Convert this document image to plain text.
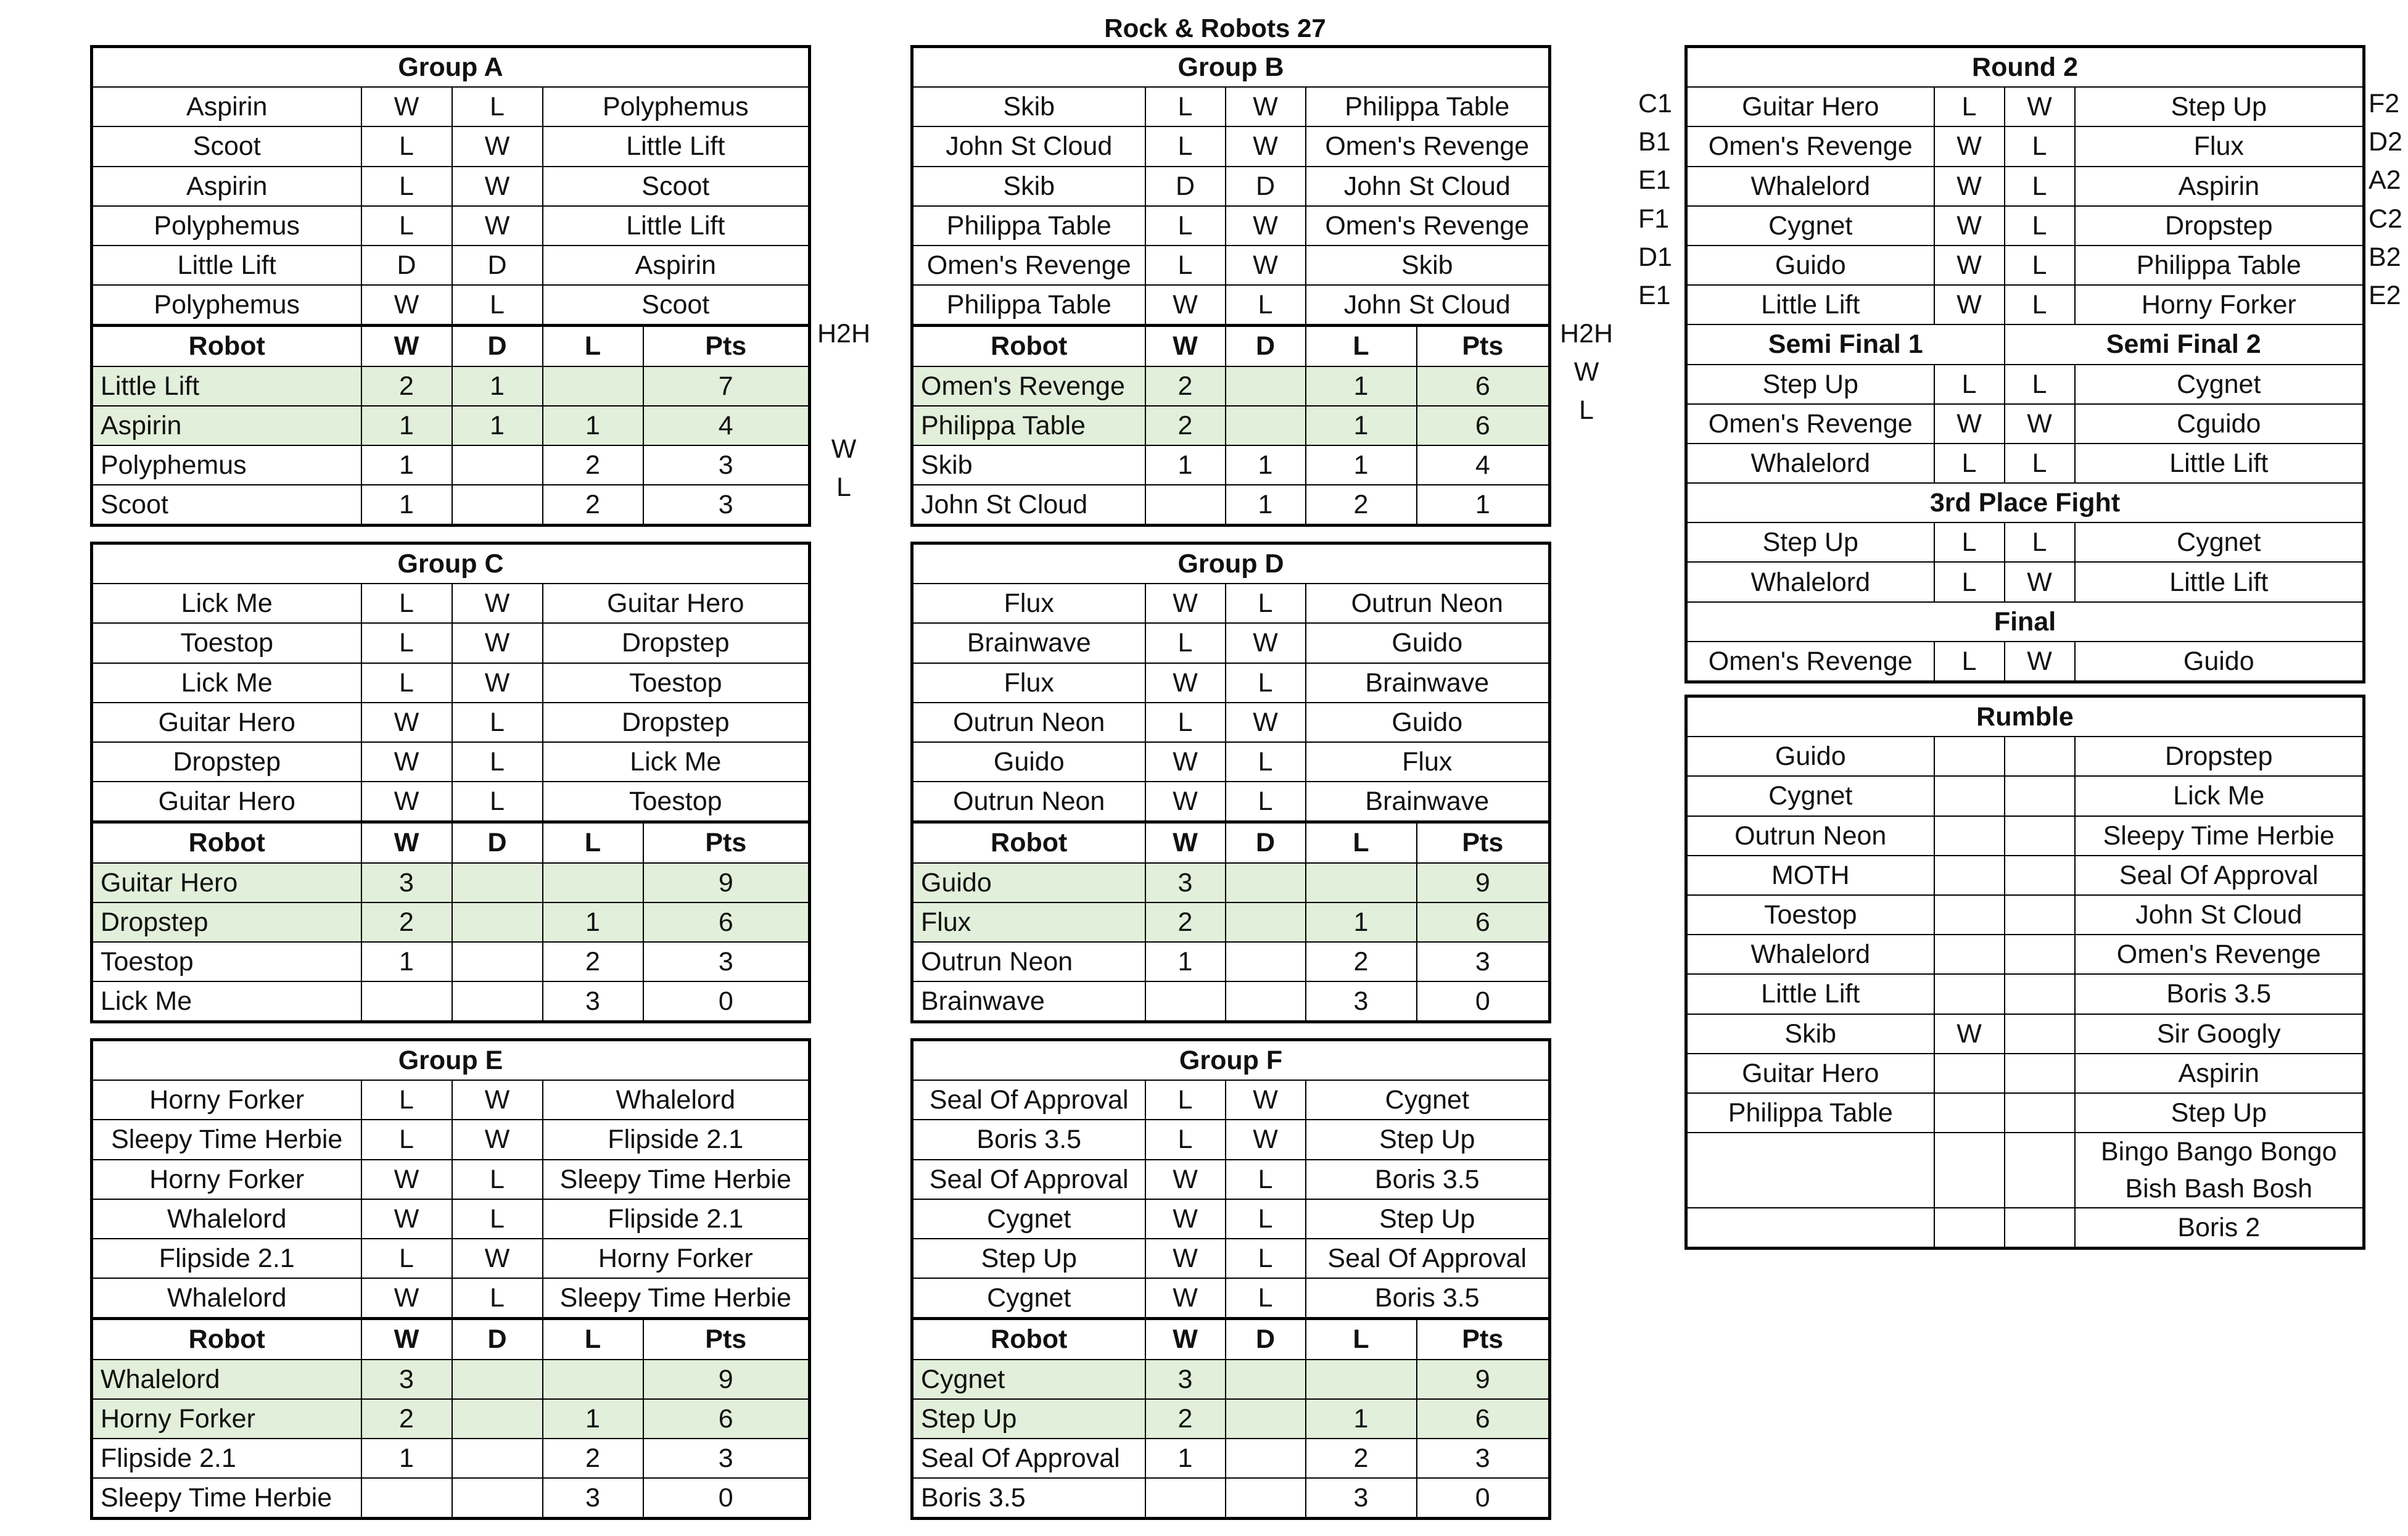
Rock & Robots 27
Group A				
Aspirin	W	L	Polyphemus	
Scoot	L	W	Little Lift	
Aspirin	L	W	Scoot	
Polyphemus	L	W	Little Lift	
Little Lift	D	D	Aspirin	
Polyphemus	W	L	Scoot	
Robot	W	D	L	Pts
Little Lift	2	1		7
Aspirin	1	1	1	4
Polyphemus	1		2	3
Scoot	1		2	3
Group B				
Skib	L	W	Philippa Table	
John St Cloud	L	W	Omen's Revenge	
Skib	D	D	John St Cloud	
Philippa Table	L	W	Omen's Revenge	
Omen's Revenge	L	W	Skib	
Philippa Table	W	L	John St Cloud	
Robot	W	D	L	Pts
Omen's Revenge	2		1	6
Philippa Table	2		1	6
Skib	1	1	1	4
John St Cloud		1	2	1
Group C				
Lick Me	L	W	Guitar Hero	
Toestop	L	W	Dropstep	
Lick Me	L	W	Toestop	
Guitar Hero	W	L	Dropstep	
Dropstep	W	L	Lick Me	
Guitar Hero	W	L	Toestop	
Robot	W	D	L	Pts
Guitar Hero	3			9
Dropstep	2		1	6
Toestop	1		2	3
Lick Me			3	0
Group D				
Flux	W	L	Outrun Neon	
Brainwave	L	W	Guido	
Flux	W	L	Brainwave	
Outrun Neon	L	W	Guido	
Guido	W	L	Flux	
Outrun Neon	W	L	Brainwave	
Robot	W	D	L	Pts
Guido	3			9
Flux	2		1	6
Outrun Neon	1		2	3
Brainwave			3	0
Group E				
Horny Forker	L	W	Whalelord	
Sleepy Time Herbie	L	W	Flipside 2.1	
Horny Forker	W	L	Sleepy Time Herbie	
Whalelord	W	L	Flipside 2.1	
Flipside 2.1	L	W	Horny Forker	
Whalelord	W	L	Sleepy Time Herbie	
Robot	W	D	L	Pts
Whalelord	3			9
Horny Forker	2		1	6
Flipside 2.1	1		2	3
Sleepy Time Herbie			3	0
Group F				
Seal Of Approval	L	W	Cygnet	
Boris 3.5	L	W	Step Up	
Seal Of Approval	W	L	Boris 3.5	
Cygnet	W	L	Step Up	
Step Up	W	L	Seal Of Approval	
Cygnet	W	L	Boris 3.5	
Robot	W	D	L	Pts
Cygnet	3			9
Step Up	2		1	6
Seal Of Approval	1		2	3
Boris 3.5			3	0
H2H
W
L
H2H
W
L
C1
B1
E1
F1
D1
E1
F2
D2
A2
C2
B2
E2
Round 2			
Guitar Hero	L	W	Step Up
Omen's Revenge	W	L	Flux
Whalelord	W	L	Aspirin
Cygnet	W	L	Dropstep
Guido	W	L	Philippa Table
Little Lift	W	L	Horny Forker
Semi Final 1		Semi Final 2	
Step Up	L	L	Cygnet
Omen's Revenge	W	W	Cguido
Whalelord	L	L	Little Lift
3rd Place Fight			
Step Up	L	L	Cygnet
Whalelord	L	W	Little Lift
Final			
Omen's Revenge	L	W	Guido
Rumble			
Guido			Dropstep
Cygnet			Lick Me
Outrun Neon			Sleepy Time Herbie
MOTH			Seal Of Approval
Toestop			John St Cloud
Whalelord			Omen's Revenge
Little Lift			Boris 3.5
Skib	W		Sir Googly
Guitar Hero			Aspirin
Philippa Table			Step Up

			Bingo Bango Bongo
Bish Bash Bosh

			Boris 2
